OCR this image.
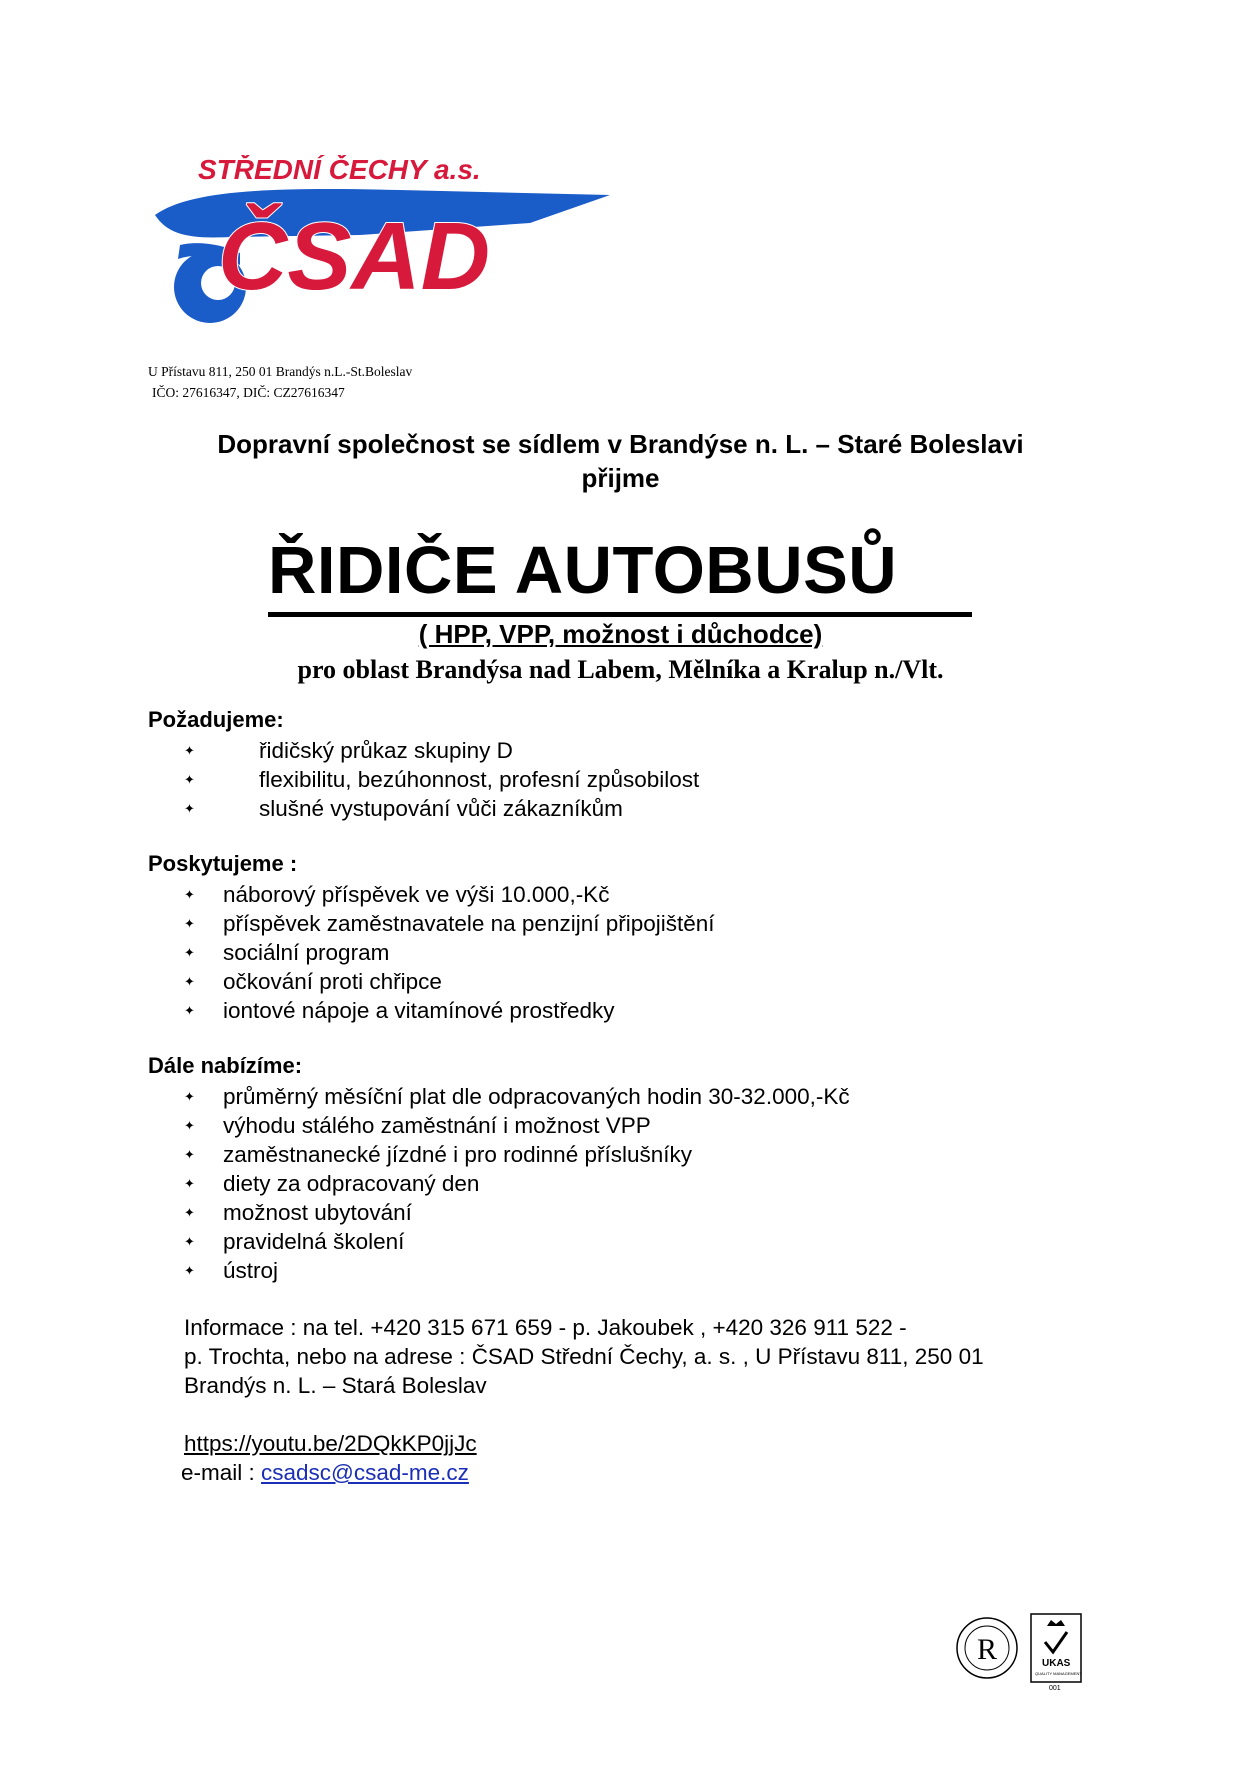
STŘEDNÍ ČECHY a.s.
ČSAD
U Přístavu 811, 250 01 Brandýs n.L.-St.Boleslav
IČO: 27616347, DIČ: CZ27616347
Dopravní společnost se sídlem v Brandýse n. L. – Staré Boleslavi
přijme
ŘIDIČE AUTOBUSŮ
( HPP, VPP, možnost i důchodce)
pro oblast Brandýsa nad Labem, Mělníka a Kralup n./Vlt.
Požadujeme:
✦	řidičský průkaz skupiny D
✦	flexibilitu, bezúhonnost, profesní způsobilost
✦	slušné vystupování vůči zákazníkům
Poskytujeme :
✦ náborový příspěvek ve výši 10.000,-Kč
✦ příspěvek zaměstnavatele na penzijní připojištění
✦ sociální program
✦ očkování proti chřipce
✦ iontové nápoje a vitamínové prostředky
Dále nabízíme:
✦ průměrný měsíční plat dle odpracovaných hodin 30-32.000,-Kč
✦ výhodu stálého zaměstnání i možnost VPP
✦ zaměstnanecké jízdné i pro rodinné příslušníky
✦ diety za odpracovaný den
✦ možnost ubytování
✦ pravidelná školení
✦ ústroj
Informace : na tel. +420 315 671 659 - p. Jakoubek , +420 326 911 522 -
p. Trochta, nebo na adrese : ČSAD Střední Čechy, a. s. , U Přístavu 811, 250 01
Brandýs n. L. – Stará Boleslav
https://youtu.be/2DQkKP0jjJc
e-mail : csadsc@csad-me.cz
R	UKAS
QUALITY MANAGEMENT
001
